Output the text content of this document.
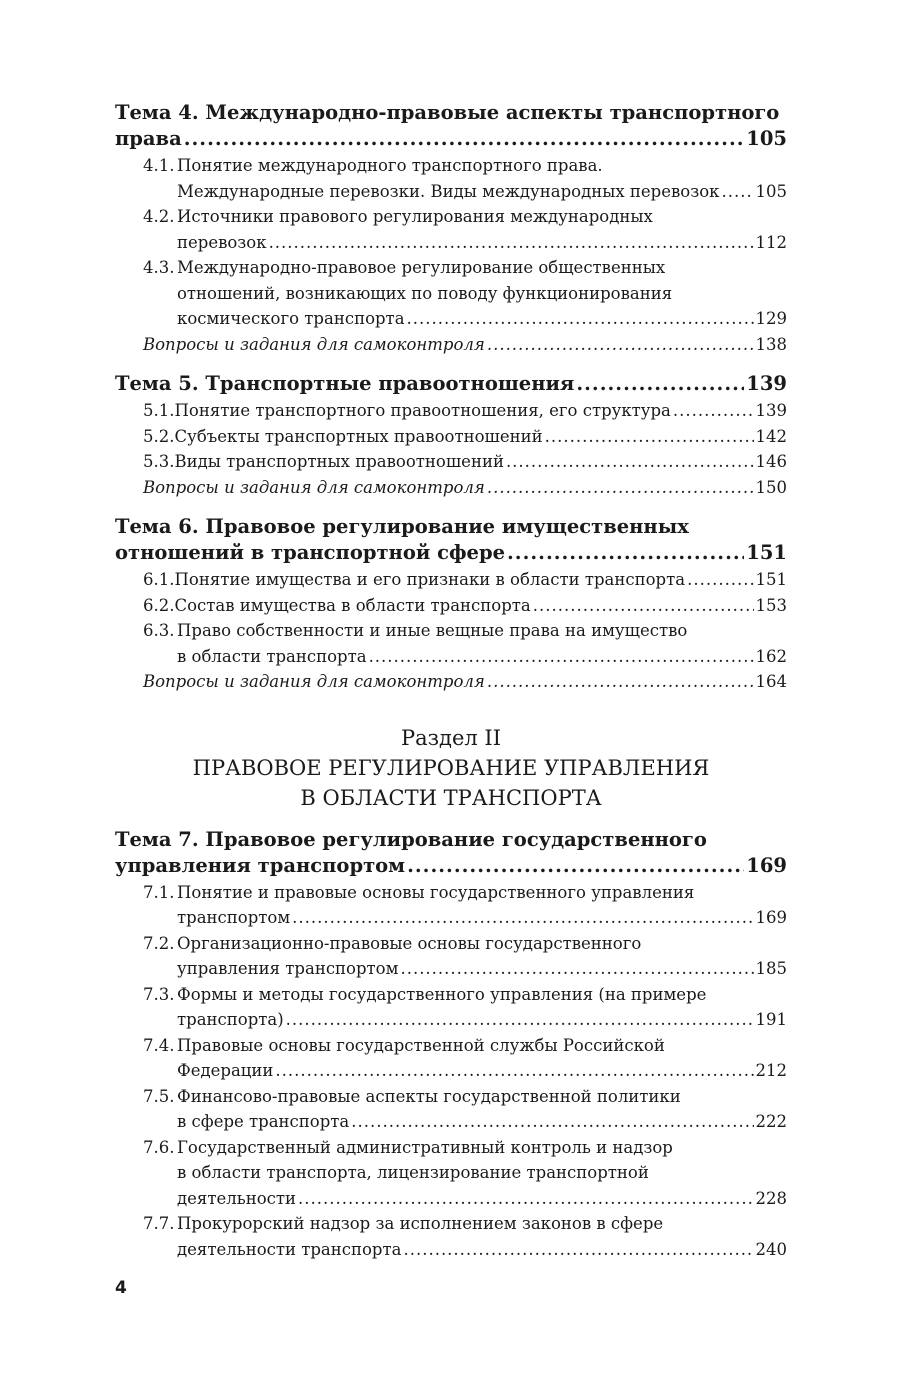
Тема 4. Международно-правовые аспекты транспортного
права .....	105
4.1. Понятие международного транспортного права.
Международные перевозки. Виды международных перевозок ..... 105
4.2. Источники правового регулирования международных
перевозок .....	112
4.3. Международно-правовое регулирование общественных
отношений, возникающих по поводу функционирования
космического транспорта .....	129
Вопросы и задания для самоконтроля .....	138
Тема 5. Транспортные правоотношения .....	139
5.1. Понятие транспортного правоотношения, его структура .....	139
5.2. Субъекты транспортных правоотношений .....	142
5.3. Виды транспортных правоотношений .....	146
Вопросы и задания для самоконтроля .....	150
Тема 6. Правовое регулирование имущественных
отношений в транспортной сфере .....	151
6.1. Понятие имущества и его признаки в области транспорта .....	151
6.2. Состав имущества в области транспорта .....	153
6.3. Право собственности и иные вещные права на имущество
в области транспорта .....	162
Вопросы и задания для самоконтроля .....	164
Раздел II
ПРАВОВОЕ РЕГУЛИРОВАНИЕ УПРАВЛЕНИЯ
В ОБЛАСТИ ТРАНСПОРТА
Тема 7. Правовое регулирование государственного
управления транспортом .....	169
7.1. Понятие и правовые основы государственного управления
транспортом .....	169
7.2. Организационно-правовые основы государственного
управления транспортом .....	185
7.3. Формы и методы государственного управления (на примере
транспорта) .....	191
7.4. Правовые основы государственной службы Российской
Федерации .....	212
7.5. Финансово-правовые аспекты государственной политики
в сфере транспорта .....	222
7.6. Государственный административный контроль и надзор
в области транспорта, лицензирование транспортной
деятельности .....	228
7.7. Прокурорский надзор за исполнением законов в сфере
деятельности транспорта .....	240
4
